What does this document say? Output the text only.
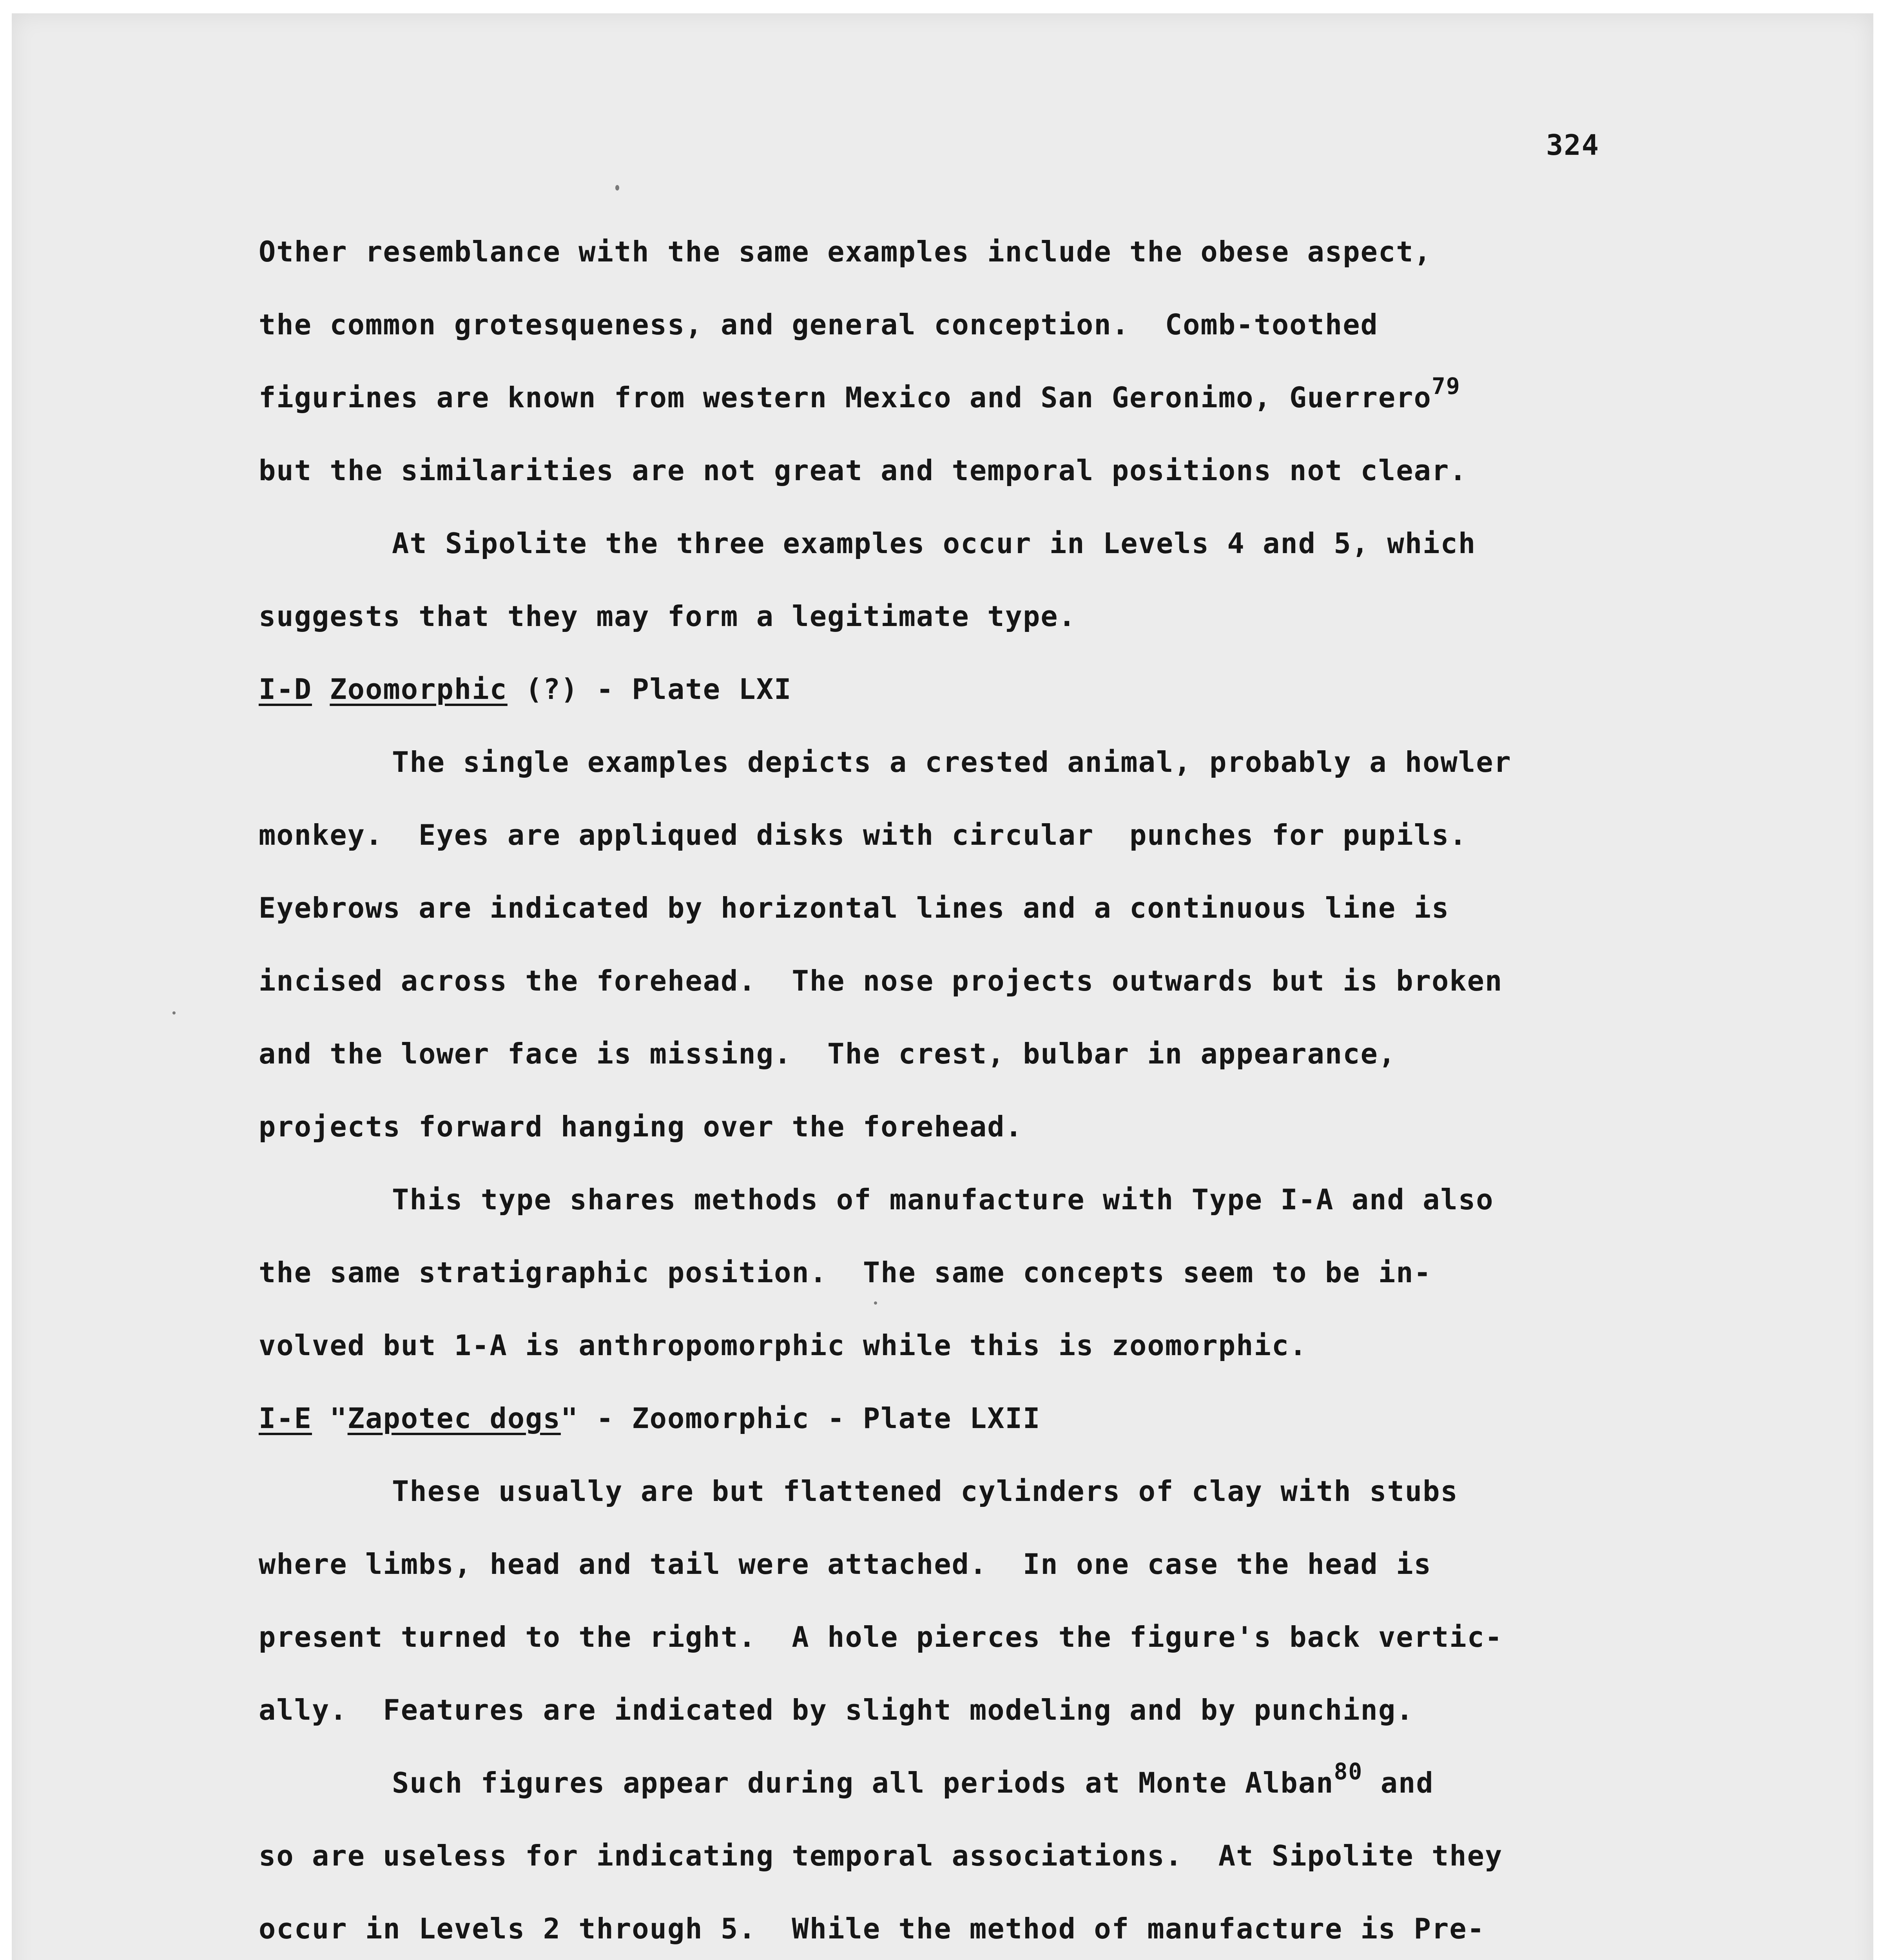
324
Other resemblance with the same examples include the obese aspect,
the common grotesqueness, and general conception.  Comb-toothed
figurines are known from western Mexico and San Geronimo, Guerrero$^{79}$
but the similarities are not great and temporal positions not clear.
At Sipolite the three examples occur in Levels 4 and 5, which
suggests that they may form a legitimate type.
I-D Zoomorphic (?) - Plate LXI
The single examples depicts a crested animal, probably a howler
monkey.  Eyes are appliqued disks with circular  punches for pupils.
Eyebrows are indicated by horizontal lines and a continuous line is
incised across the forehead.  The nose projects outwards but is broken
and the lower face is missing.  The crest, bulbar in appearance,
projects forward hanging over the forehead.
This type shares methods of manufacture with Type I-A and also
the same stratigraphic position.  The same concepts seem to be in-
volved but 1-A is anthropomorphic while this is zoomorphic.
I-E "Zapotec dogs" - Zoomorphic - Plate LXII
These usually are but flattened cylinders of clay with stubs
where limbs, head and tail were attached.  In one case the head is
present turned to the right.  A hole pierces the figure's back vertic-
ally.  Features are indicated by slight modeling and by punching.
Such figures appear during all periods at Monte Alban$^{80}$ and
so are useless for indicating temporal associations.  At Sipolite they
occur in Levels 2 through 5.  While the method of manufacture is Pre-
